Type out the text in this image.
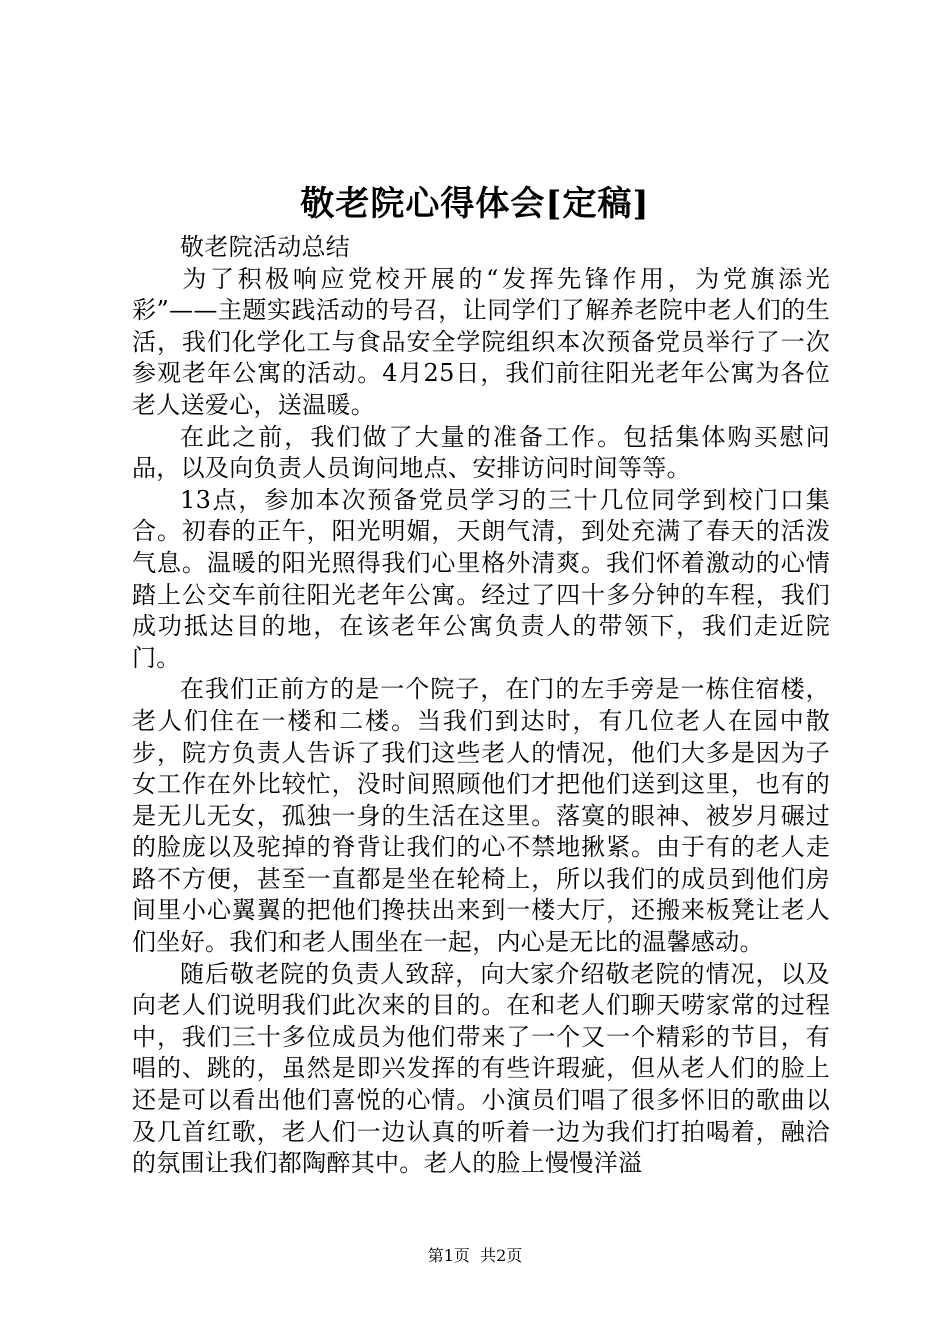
敬老院心得体会[定稿]

敬老院活动总结

为了积极响应党校开展的“发挥先锋作用，为党旗添光彩”——主题实践活动的号召，让同学们了解养老院中老人们的生活，我们化学化工与食品安全学院组织本次预备党员举行了一次参观老年公寓的活动。4月25日，我们前往阳光老年公寓为各位老人送爱心，送温暖。

在此之前，我们做了大量的准备工作。包括集体购买慰问品，以及向负责人员询问地点、安排访问时间等等。

13点，参加本次预备党员学习的三十几位同学到校门口集合。初春的正午，阳光明媚，天朗气清，到处充满了春天的活泼气息。温暖的阳光照得我们心里格外清爽。我们怀着激动的心情踏上公交车前往阳光老年公寓。经过了四十多分钟的车程，我们成功抵达目的地，在该老年公寓负责人的带领下，我们走近院门。

在我们正前方的是一个院子，在门的左手旁是一栋住宿楼，老人们住在一楼和二楼。当我们到达时，有几位老人在园中散步，院方负责人告诉了我们这些老人的情况，他们大多是因为子女工作在外比较忙，没时间照顾他们才把他们送到这里，也有的是无儿无女，孤独一身的生活在这里。落寞的眼神、被岁月碾过的脸庞以及驼掉的脊背让我们的心不禁地揪紧。由于有的老人走路不方便，甚至一直都是坐在轮椅上，所以我们的成员到他们房间里小心翼翼的把他们搀扶出来到一楼大厅，还搬来板凳让老人们坐好。我们和老人围坐在一起，内心是无比的温馨感动。

随后敬老院的负责人致辞，向大家介绍敬老院的情况，以及向老人们说明我们此次来的目的。在和老人们聊天唠家常的过程中，我们三十多位成员为他们带来了一个又一个精彩的节目，有唱的、跳的，虽然是即兴发挥的有些许瑕疵，但从老人们的脸上还是可以看出他们喜悦的心情。小演员们唱了很多怀旧的歌曲以及几首红歌，老人们一边认真的听着一边为我们打拍喝着，融洽的氛围让我们都陶醉其中。老人的脸上慢慢洋溢

第1页  共2页
